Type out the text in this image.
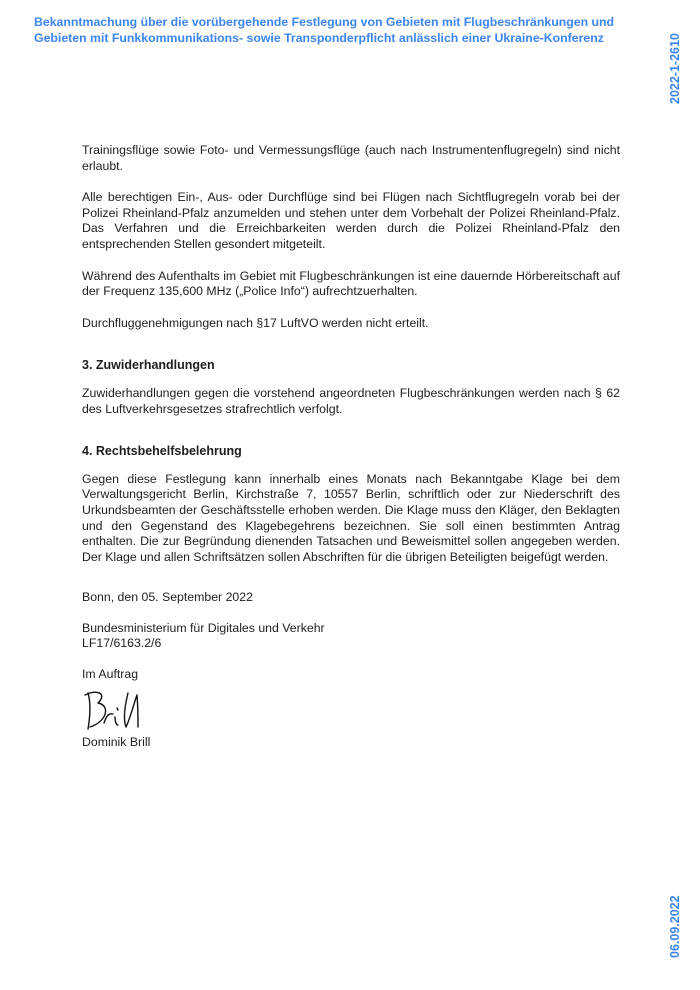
Bekanntmachung über die vorübergehende Festlegung von Gebieten mit Flugbeschränkungen und Gebieten mit Funkkommunikations- sowie Transponderpflicht anlässlich einer Ukraine-Konferenz	2022-1-2610
06.09.2022

Trainingsflüge sowie Foto- und Vermessungsflüge (auch nach Instrumentenflugregeln) sind nicht erlaubt.

Alle berechtigen Ein-, Aus- oder Durchflüge sind bei Flügen nach Sichtflugregeln vorab bei der Polizei Rheinland-Pfalz anzumelden und stehen unter dem Vorbehalt der Polizei Rheinland-Pfalz. Das Verfahren und die Erreichbarkeiten werden durch die Polizei Rheinland-Pfalz den entsprechenden Stellen gesondert mitgeteilt.

Während des Aufenthalts im Gebiet mit Flugbeschränkungen ist eine dauernde Hörbereitschaft auf der Frequenz 135,600 MHz („Police Info“) aufrechtzuerhalten.

Durchfluggenehmigungen nach §17 LuftVO werden nicht erteilt.

3. Zuwiderhandlungen

Zuwiderhandlungen gegen die vorstehend angeordneten Flugbeschränkungen werden nach § 62 des Luftverkehrsgesetzes strafrechtlich verfolgt.

4. Rechtsbehelfsbelehrung

Gegen diese Festlegung kann innerhalb eines Monats nach Bekanntgabe Klage bei dem Verwaltungsgericht Berlin, Kirchstraße 7, 10557 Berlin, schriftlich oder zur Niederschrift des Urkundsbeamten der Geschäftsstelle erhoben werden. Die Klage muss den Kläger, den Beklagten und den Gegenstand des Klagebegehrens bezeichnen. Sie soll einen bestimmten Antrag enthalten. Die zur Begründung dienenden Tatsachen und Beweismittel sollen angegeben werden. Der Klage und allen Schriftsätzen sollen Abschriften für die übrigen Beteiligten beigefügt werden.

Bonn, den 05. September 2022

Bundesministerium für Digitales und Verkehr

LF17/6163.2/6

Im Auftrag

Dominik Brill
